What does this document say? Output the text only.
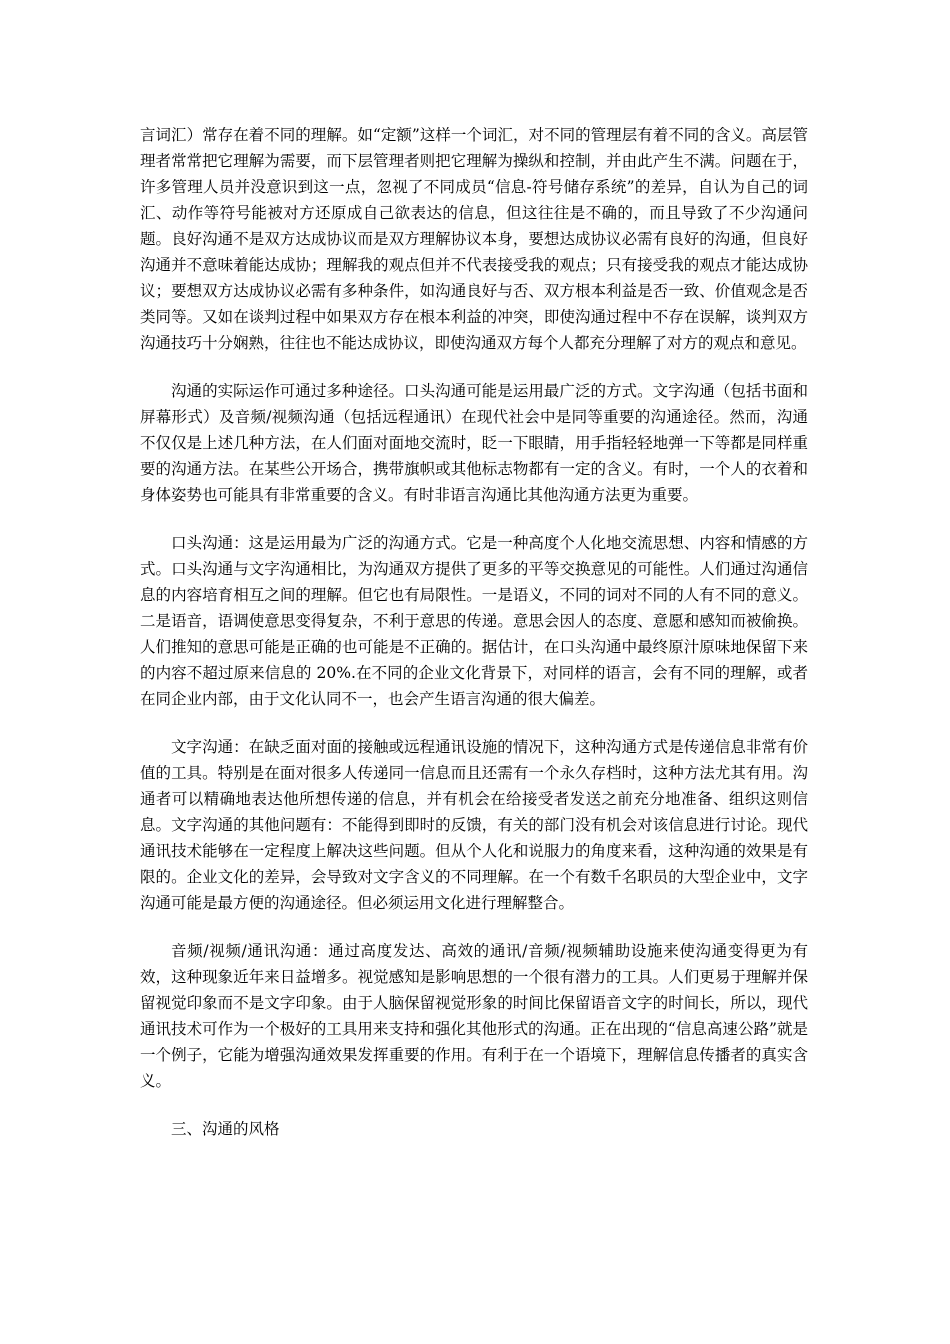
言词汇）常存在着不同的理解。如“定额”这样一个词汇，对不同的管理层有着不同的含义。高层管理者常常把它理解为需要，而下层管理者则把它理解为操纵和控制，并由此产生不满。问题在于，许多管理人员并没意识到这一点，忽视了不同成员“信息-符号储存系统”的差异，自认为自己的词汇、动作等符号能被对方还原成自己欲表达的信息，但这往往是不确的，而且导致了不少沟通问题。良好沟通不是双方达成协议而是双方理解协议本身，要想达成协议必需有良好的沟通，但良好沟通并不意味着能达成协；理解我的观点但并不代表接受我的观点；只有接受我的观点才能达成协议；要想双方达成协议必需有多种条件，如沟通良好与否、双方根本利益是否一致、价值观念是否类同等。又如在谈判过程中如果双方存在根本利益的冲突，即使沟通过程中不存在误解，谈判双方沟通技巧十分娴熟，往往也不能达成协议，即使沟通双方每个人都充分理解了对方的观点和意见。

沟通的实际运作可通过多种途径。口头沟通可能是运用最广泛的方式。文字沟通（包括书面和屏幕形式）及音频/视频沟通（包括远程通讯）在现代社会中是同等重要的沟通途径。然而，沟通不仅仅是上述几种方法，在人们面对面地交流时，眨一下眼睛，用手指轻轻地弹一下等都是同样重要的沟通方法。在某些公开场合，携带旗帜或其他标志物都有一定的含义。有时，一个人的衣着和身体姿势也可能具有非常重要的含义。有时非语言沟通比其他沟通方法更为重要。

口头沟通：这是运用最为广泛的沟通方式。它是一种高度个人化地交流思想、内容和情感的方式。口头沟通与文字沟通相比，为沟通双方提供了更多的平等交换意见的可能性。人们通过沟通信息的内容培育相互之间的理解。但它也有局限性。一是语义，不同的词对不同的人有不同的意义。二是语音，语调使意思变得复杂，不利于意思的传递。意思会因人的态度、意愿和感知而被偷换。人们推知的意思可能是正确的也可能是不正确的。据估计，在口头沟通中最终原汁原味地保留下来的内容不超过原来信息的 20%.在不同的企业文化背景下，对同样的语言，会有不同的理解，或者在同企业内部，由于文化认同不一，也会产生语言沟通的很大偏差。

文字沟通：在缺乏面对面的接触或远程通讯设施的情况下，这种沟通方式是传递信息非常有价值的工具。特别是在面对很多人传递同一信息而且还需有一个永久存档时，这种方法尤其有用。沟通者可以精确地表达他所想传递的信息，并有机会在给接受者发送之前充分地准备、组织这则信息。文字沟通的其他问题有：不能得到即时的反馈，有关的部门没有机会对该信息进行讨论。现代通讯技术能够在一定程度上解决这些问题。但从个人化和说服力的角度来看，这种沟通的效果是有限的。企业文化的差异，会导致对文字含义的不同理解。在一个有数千名职员的大型企业中，文字沟通可能是最方便的沟通途径。但必须运用文化进行理解整合。

音频/视频/通讯沟通：通过高度发达、高效的通讯/音频/视频辅助设施来使沟通变得更为有效，这种现象近年来日益增多。视觉感知是影响思想的一个很有潜力的工具。人们更易于理解并保留视觉印象而不是文字印象。由于人脑保留视觉形象的时间比保留语音文字的时间长，所以，现代通讯技术可作为一个极好的工具用来支持和强化其他形式的沟通。正在出现的“信息高速公路”就是一个例子，它能为增强沟通效果发挥重要的作用。有利于在一个语境下，理解信息传播者的真实含义。

三、沟通的风格
